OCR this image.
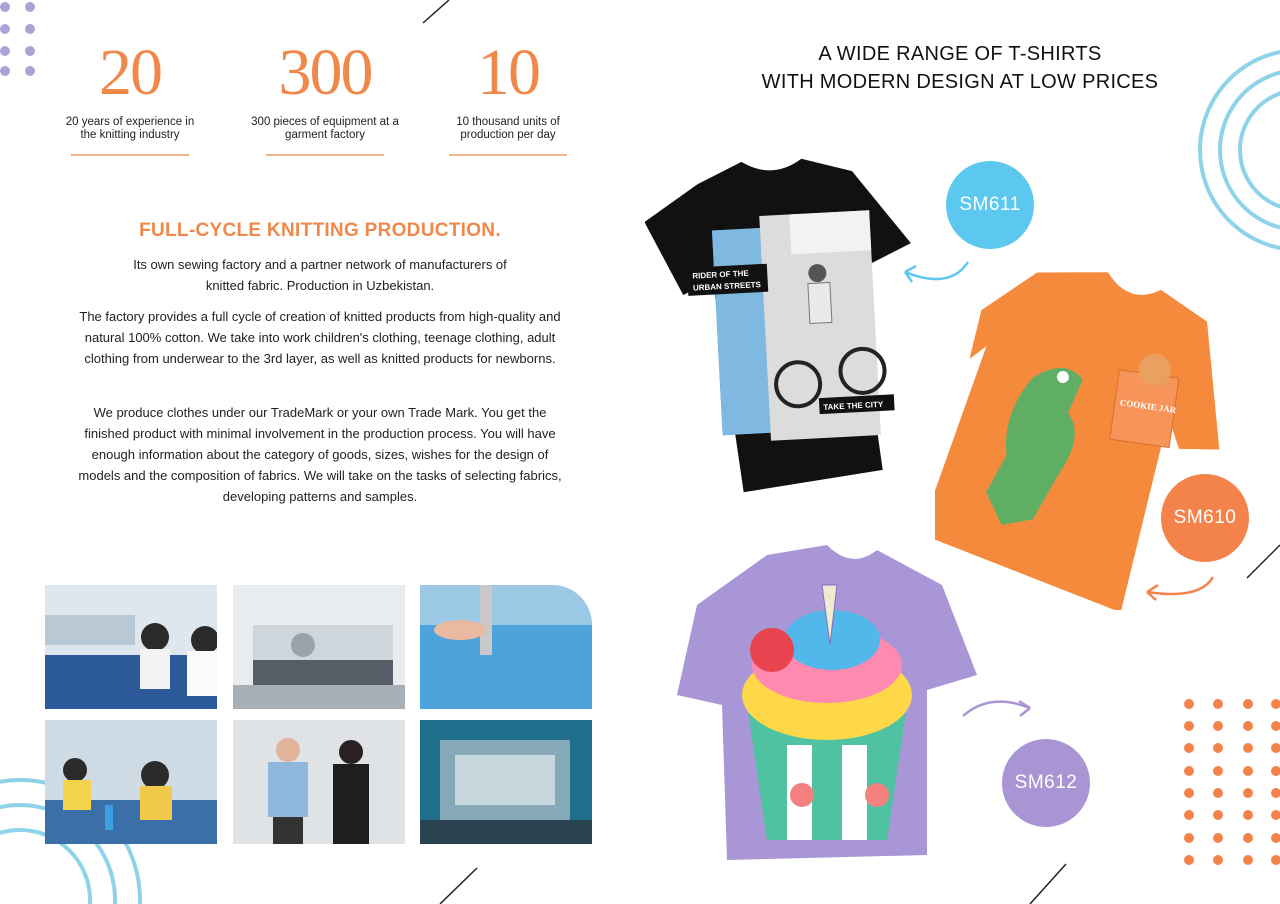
20
20 years of experience in the knitting industry
300
300 pieces of equipment at a garment factory
10
10 thousand units of production per day
FULL-CYCLE KNITTING PRODUCTION.
Its own sewing factory and a partner network of manufacturers of knitted fabric. Production in Uzbekistan.
The factory provides a full cycle of creation of knitted products from high-quality and natural 100% cotton. We take into work children's clothing, teenage clothing, adult clothing from underwear to the 3rd layer, as well as knitted products for newborns.
We produce clothes under our TradeMark or your own Trade Mark. You get the finished product with minimal involvement in the production process. You will have enough information about the category of goods, sizes, wishes for the design of models and the composition of fabrics. We will take on the tasks of selecting fabrics, developing patterns and samples.
A WIDE RANGE OF T-SHIRTS
WITH MODERN DESIGN AT LOW PRICES
RIDER OF THE
URBAN STREETS
TAKE THE CITY	COOKIE JAR
SM611
SM610
SM612
